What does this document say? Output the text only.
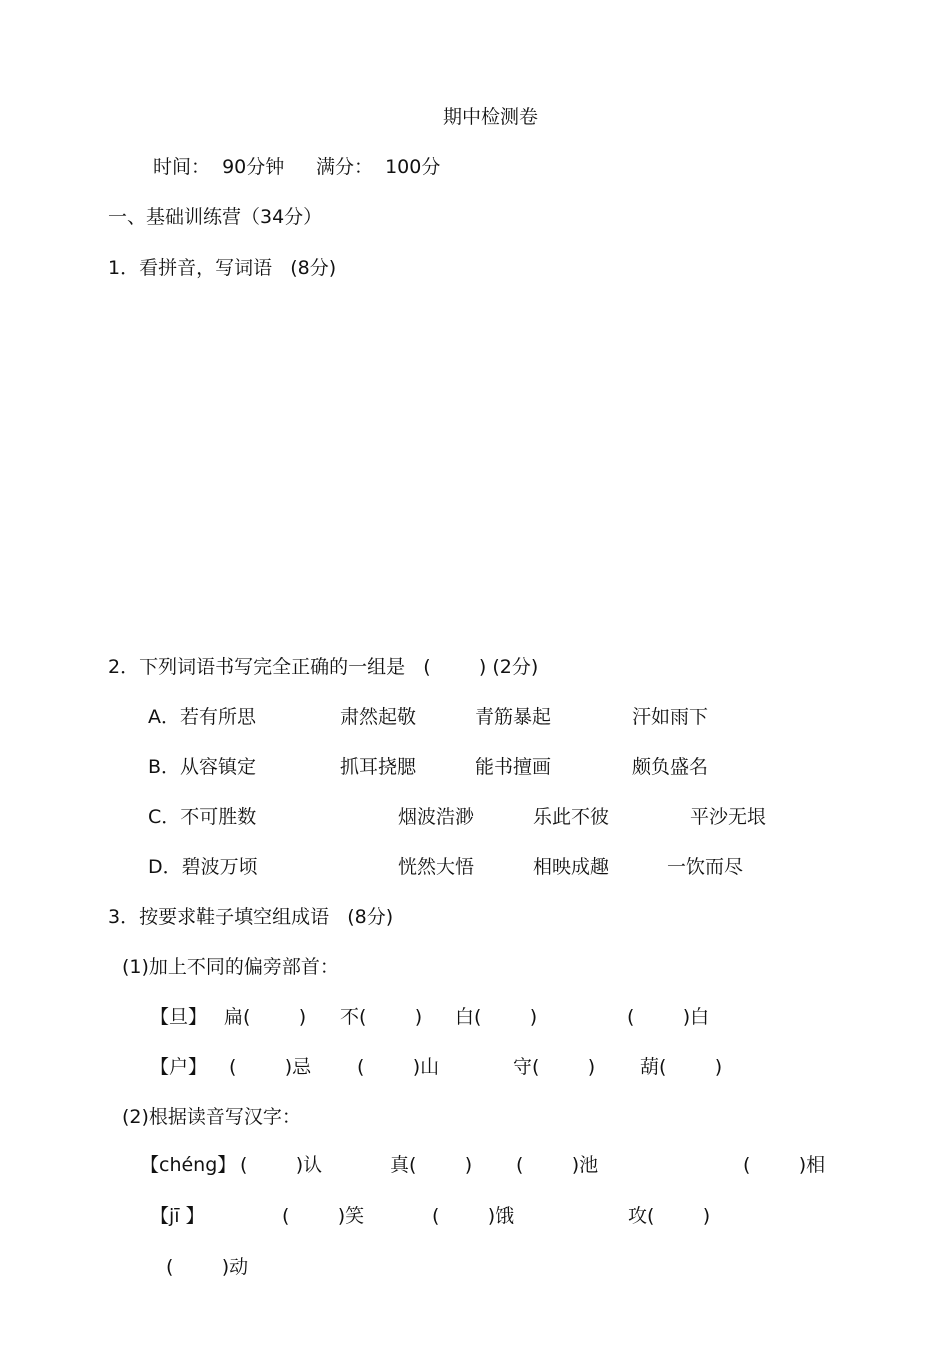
期中检测卷
时间：  90分钟 满分：  100分
一、基础训练营（34分）
1．看拼音，写词语   (8分)
2．下列词语书写完全正确的一组是   (        ) (2分)
A．若有所思	肃然起敬	青筋暴起	汗如雨下
B．从容镇定	抓耳挠腮	能书擅画	颇负盛名
C．不可胜数	烟波浩渺	乐此不彼	平沙无垠
D．碧波万顷	恍然大悟	相映成趣	一饮而尽
3．按要求鞋子填空组成语   (8分)
(1)加上不同的偏旁部首：
【旦】 扁(        ) 不(        ) 白(        )	(        )白
【户】 (        )忌 (        )山	守(        ) 葫(        )
(2)根据读音写汉字：
【chéng】 (        )认	真(        ) (        )池	(        )相
【jī 】	(        )笑	(        )饿	攻(        )
(        )动
